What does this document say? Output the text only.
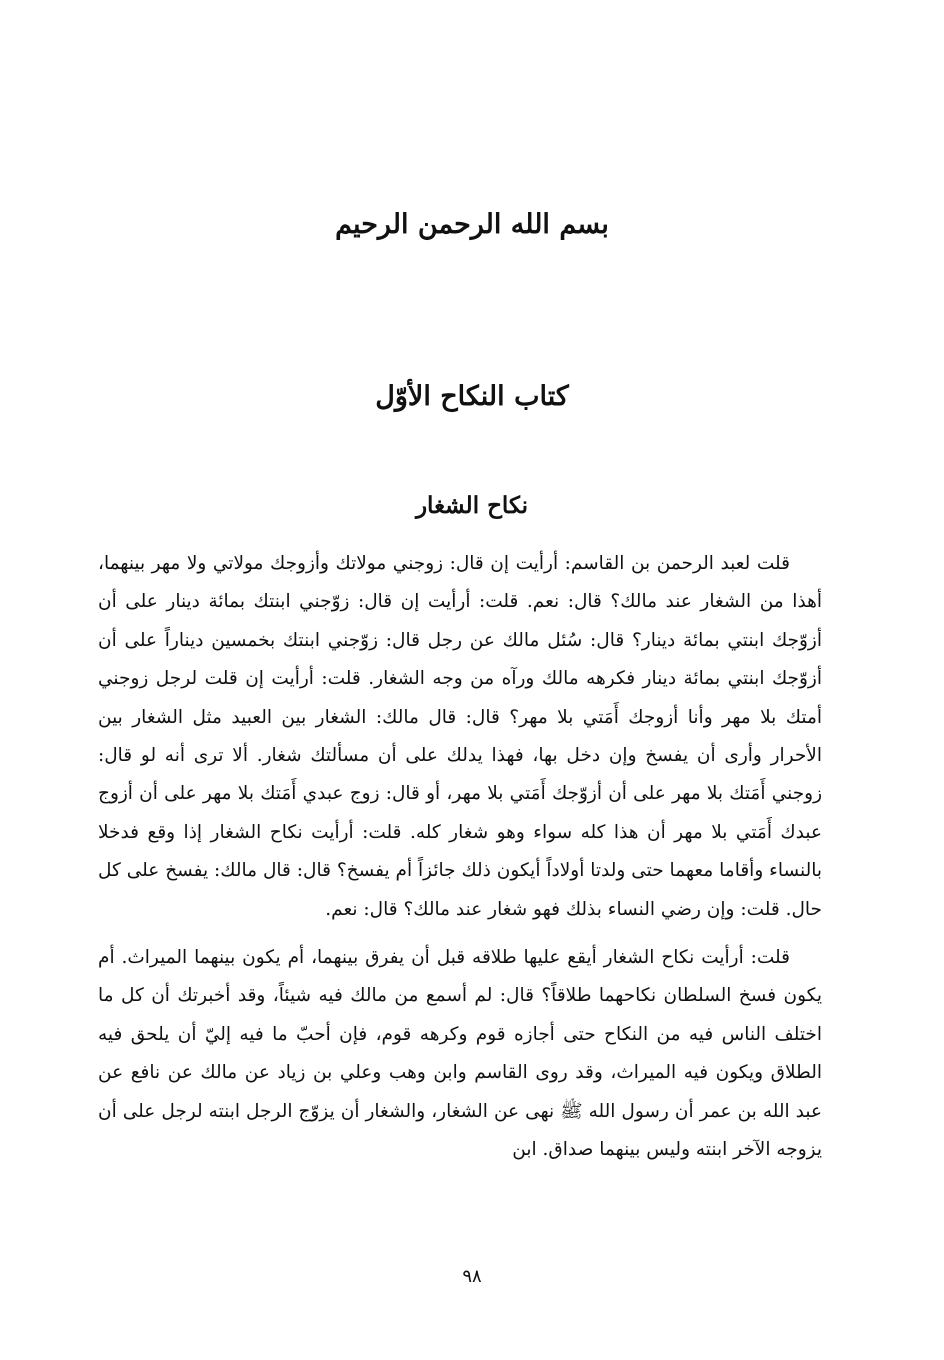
بسم الله الرحمن الرحيم
كتاب النكاح الأوّل
نكاح الشغار

قلت لعبد الرحمن بن القاسم: أرأيت إن قال: زوجني مولاتك وأزوجك مولاتي ولا مهر بينهما، أهذا من الشغار عند مالك؟ قال: نعم. قلت: أرأيت إن قال: زوّجني ابنتك بمائة دينار على أن أزوّجك ابنتي بمائة دينار؟ قال: سُئل مالك عن رجل قال: زوّجني ابنتك بخمسين ديناراً على أن أزوّجك ابنتي بمائة دينار فكرهه مالك ورآه من وجه الشغار. قلت: أرأيت إن قلت لرجل زوجني أمتك بلا مهر وأنا أزوجك أَمَتي بلا مهر؟ قال: قال مالك: الشغار بين العبيد مثل الشغار بين الأحرار وأرى أن يفسخ وإن دخل بها، فهذا يدلك على أن مسألتك شغار. ألا ترى أنه لو قال: زوجني أَمَتك بلا مهر على أن أزوّجك أَمَتي بلا مهر، أو قال: زوج عبدي أَمَتك بلا مهر على أن أزوج عبدك أَمَتي بلا مهر أن هذا كله سواء وهو شغار كله. قلت: أرأيت نكاح الشغار إذا وقع فدخلا بالنساء وأقاما معهما حتى ولدتا أولاداً أيكون ذلك جائزاً أم يفسخ؟ قال: قال مالك: يفسخ على كل حال. قلت: وإن رضي النساء بذلك فهو شغار عند مالك؟ قال: نعم.

قلت: أرأيت نكاح الشغار أيقع عليها طلاقه قبل أن يفرق بينهما، أم يكون بينهما الميراث. أم يكون فسخ السلطان نكاحهما طلاقاً؟ قال: لم أسمع من مالك فيه شيئاً، وقد أخبرتك أن كل ما اختلف الناس فيه من النكاح حتى أجازه قوم وكرهه قوم، فإن أحبّ ما فيه إليّ أن يلحق فيه الطلاق ويكون فيه الميراث، وقد روى القاسم وابن وهب وعلي بن زياد عن مالك عن نافع عن عبد الله بن عمر أن رسول الله ﷺ نهى عن الشغار، والشغار أن يزوّج الرجل ابنته لرجل على أن يزوجه الآخر ابنته وليس بينهما صداق. ابن

٩٨
